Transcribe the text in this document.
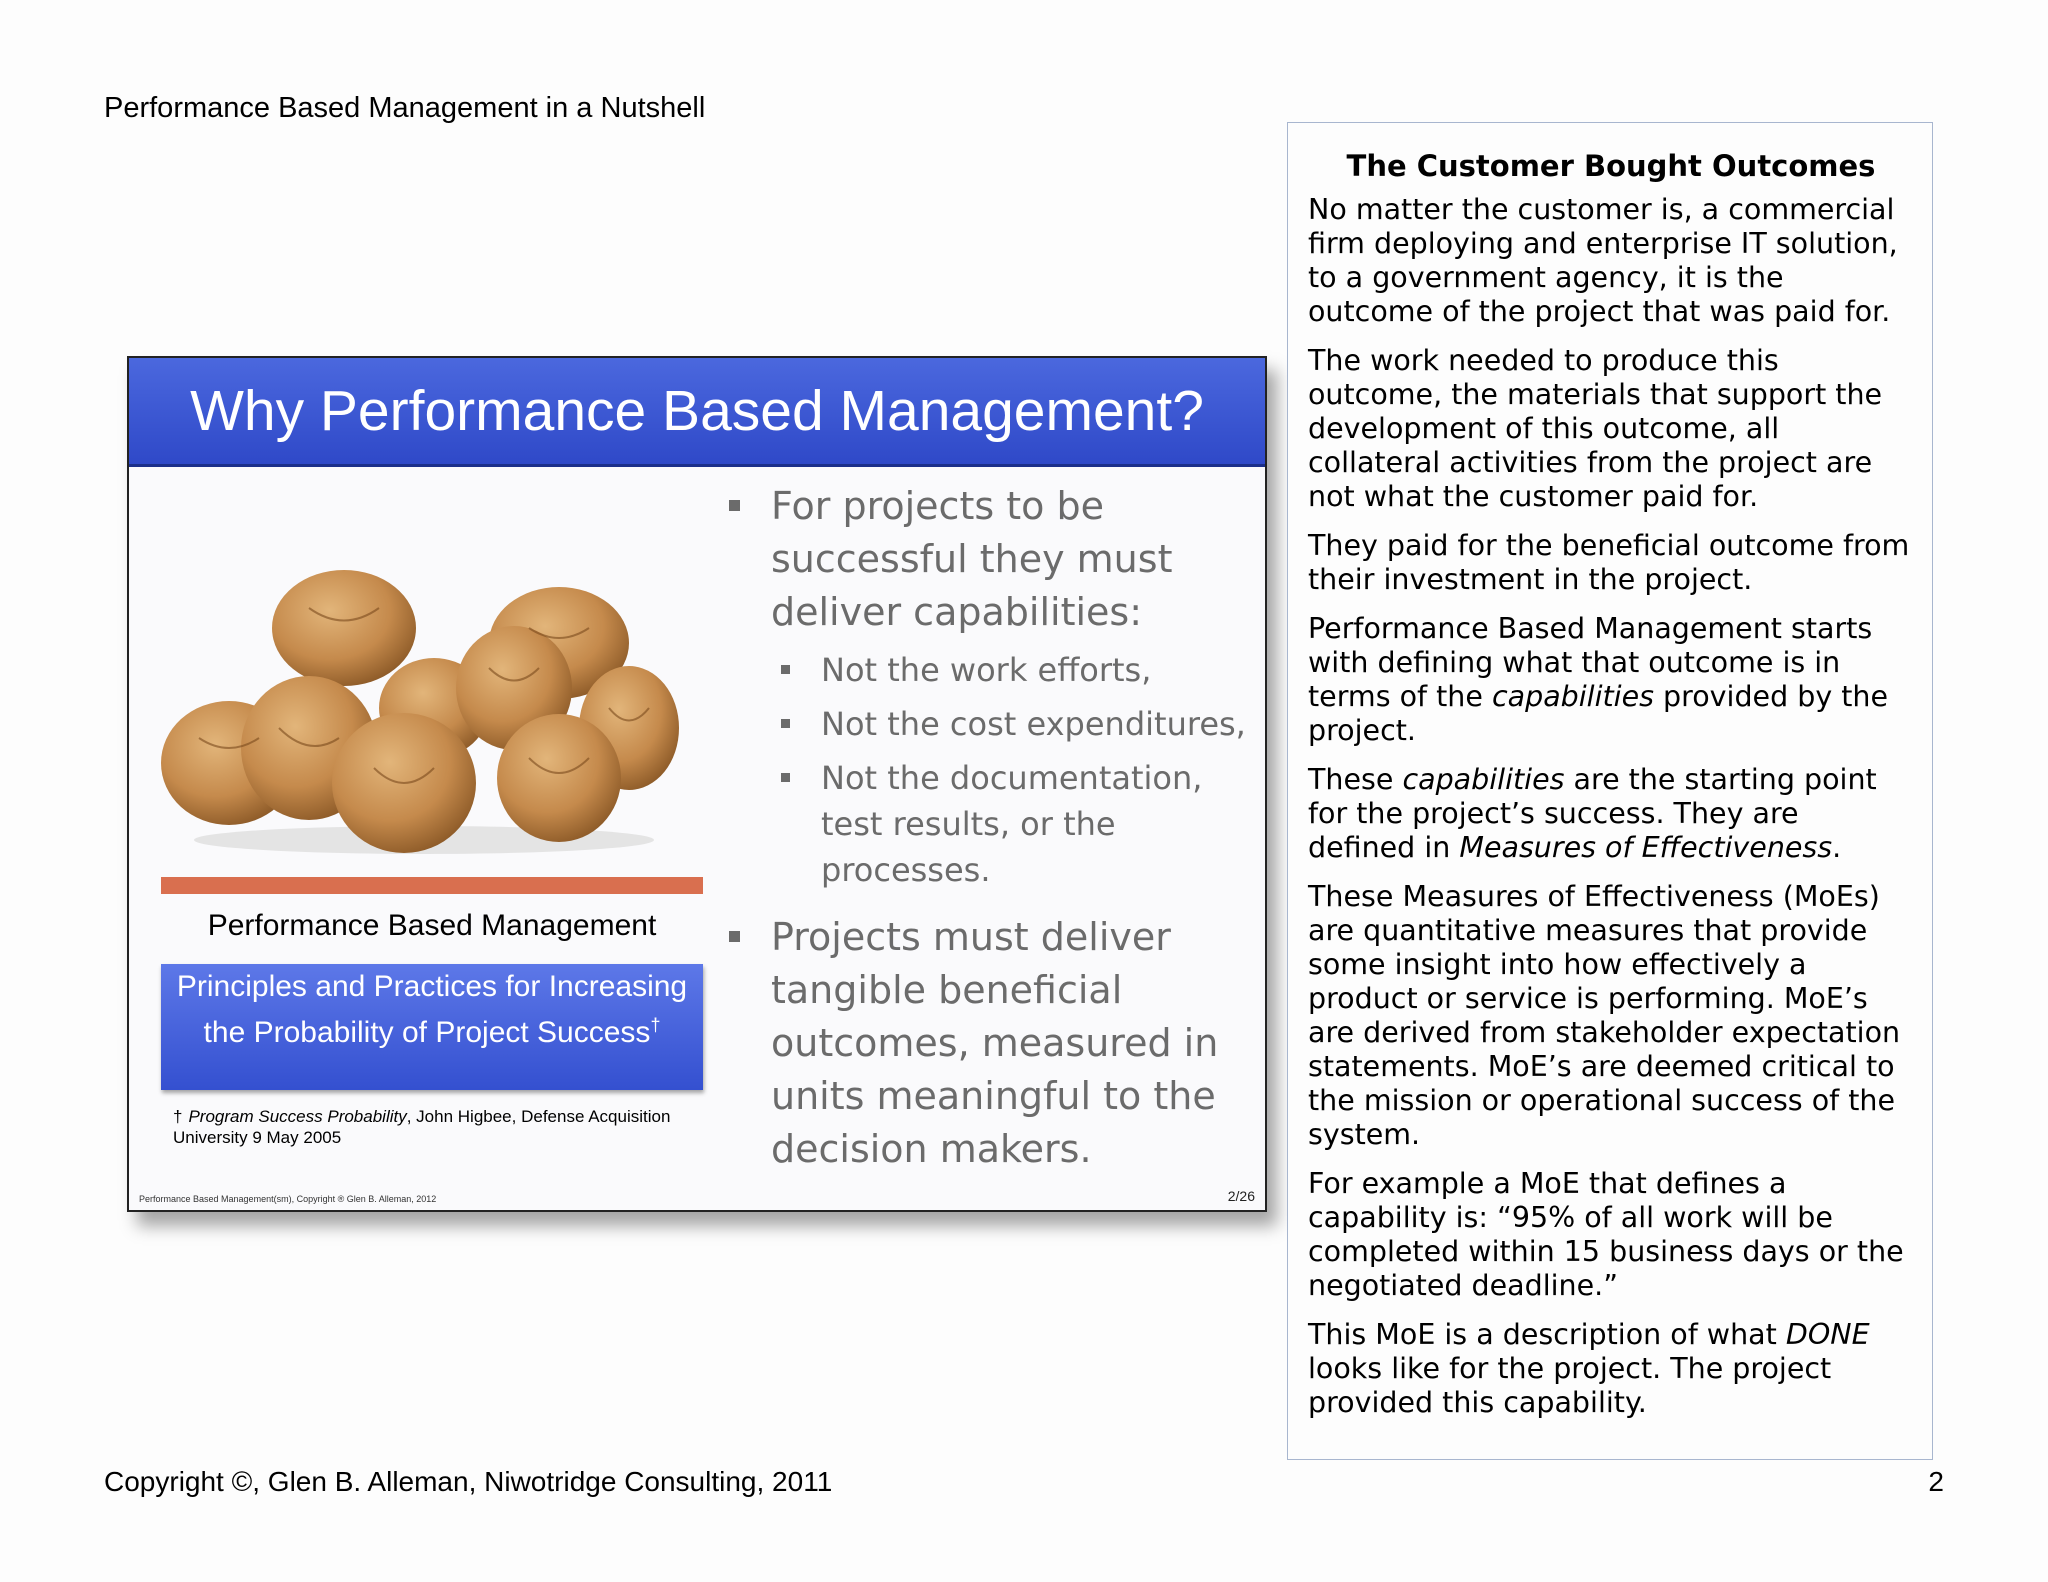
Performance Based Management in a Nutshell
Why Performance Based Management?
Performance Based Management
Principles and Practices for Increasing the Probability of Project Success†
† Program Success Probability, John Higbee, Defense Acquisition University 9 May 2005
For projects to be successful they must deliver capabilities:
Not the work efforts,
Not the cost expenditures,
Not the documentation, test results, or the processes.
Projects must deliver tangible beneficial outcomes, measured in units meaningful to the decision makers.
Performance Based Management(sm), Copyright ® Glen B. Alleman, 2012	2/26
The Customer Bought Outcomes

No matter the customer is, a commercial firm deploying and enterprise IT solution, to a government agency, it is the outcome of the project that was paid for.

The work needed to produce this outcome, the materials that support the development of this outcome, all collateral activities from the project are not what the customer paid for.

They paid for the beneficial outcome from their investment in the project.

Performance Based Management starts with defining what that outcome is in terms of the capabilities provided by the project.

These capabilities are the starting point for the project’s success. They are defined in Measures of Effectiveness.

These Measures of Effectiveness (MoEs) are quantitative measures that provide some insight into how effectively a product or service is performing. MoE’s are derived from stakeholder expectation statements. MoE’s are deemed critical to the mission or operational success of the system.

For example a MoE that defines a capability is: “95% of all work will be completed within 15 business days or the negotiated deadline.”

This MoE is a description of what DONE looks like for the project. The project provided this capability.

Copyright ©, Glen B. Alleman, Niwotridge Consulting, 2011	2
